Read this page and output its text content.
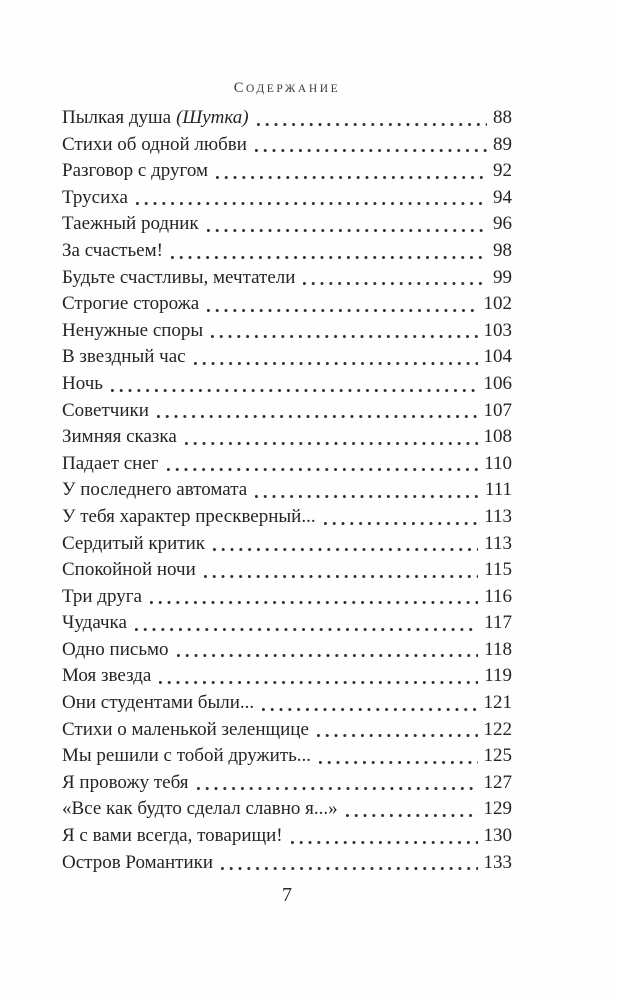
СОДЕРЖАНИЕ
Пылкая душа (Шутка)	88
Стихи об одной любви	89
Разговор с другом	92
Трусиха	94
Таежный родник	96
За счастьем!	98
Будьте счастливы, мечтатели	99
Строгие сторожа	102
Ненужные споры	103
В звездный час	104
Ночь	106
Советчики	107
Зимняя сказка	108
Падает снег	110
У последнего автомата	111
У тебя характер прескверный...	113
Сердитый критик	113
Спокойной ночи	115
Три друга	116
Чудачка	117
Одно письмо	118
Моя звезда	119
Они студентами были...	121
Стихи о маленькой зеленщице	122
Мы решили с тобой дружить...	125
Я провожу тебя	127
«Все как будто сделал славно я...»	129
Я с вами всегда, товарищи!	130
Остров Романтики	133
7
